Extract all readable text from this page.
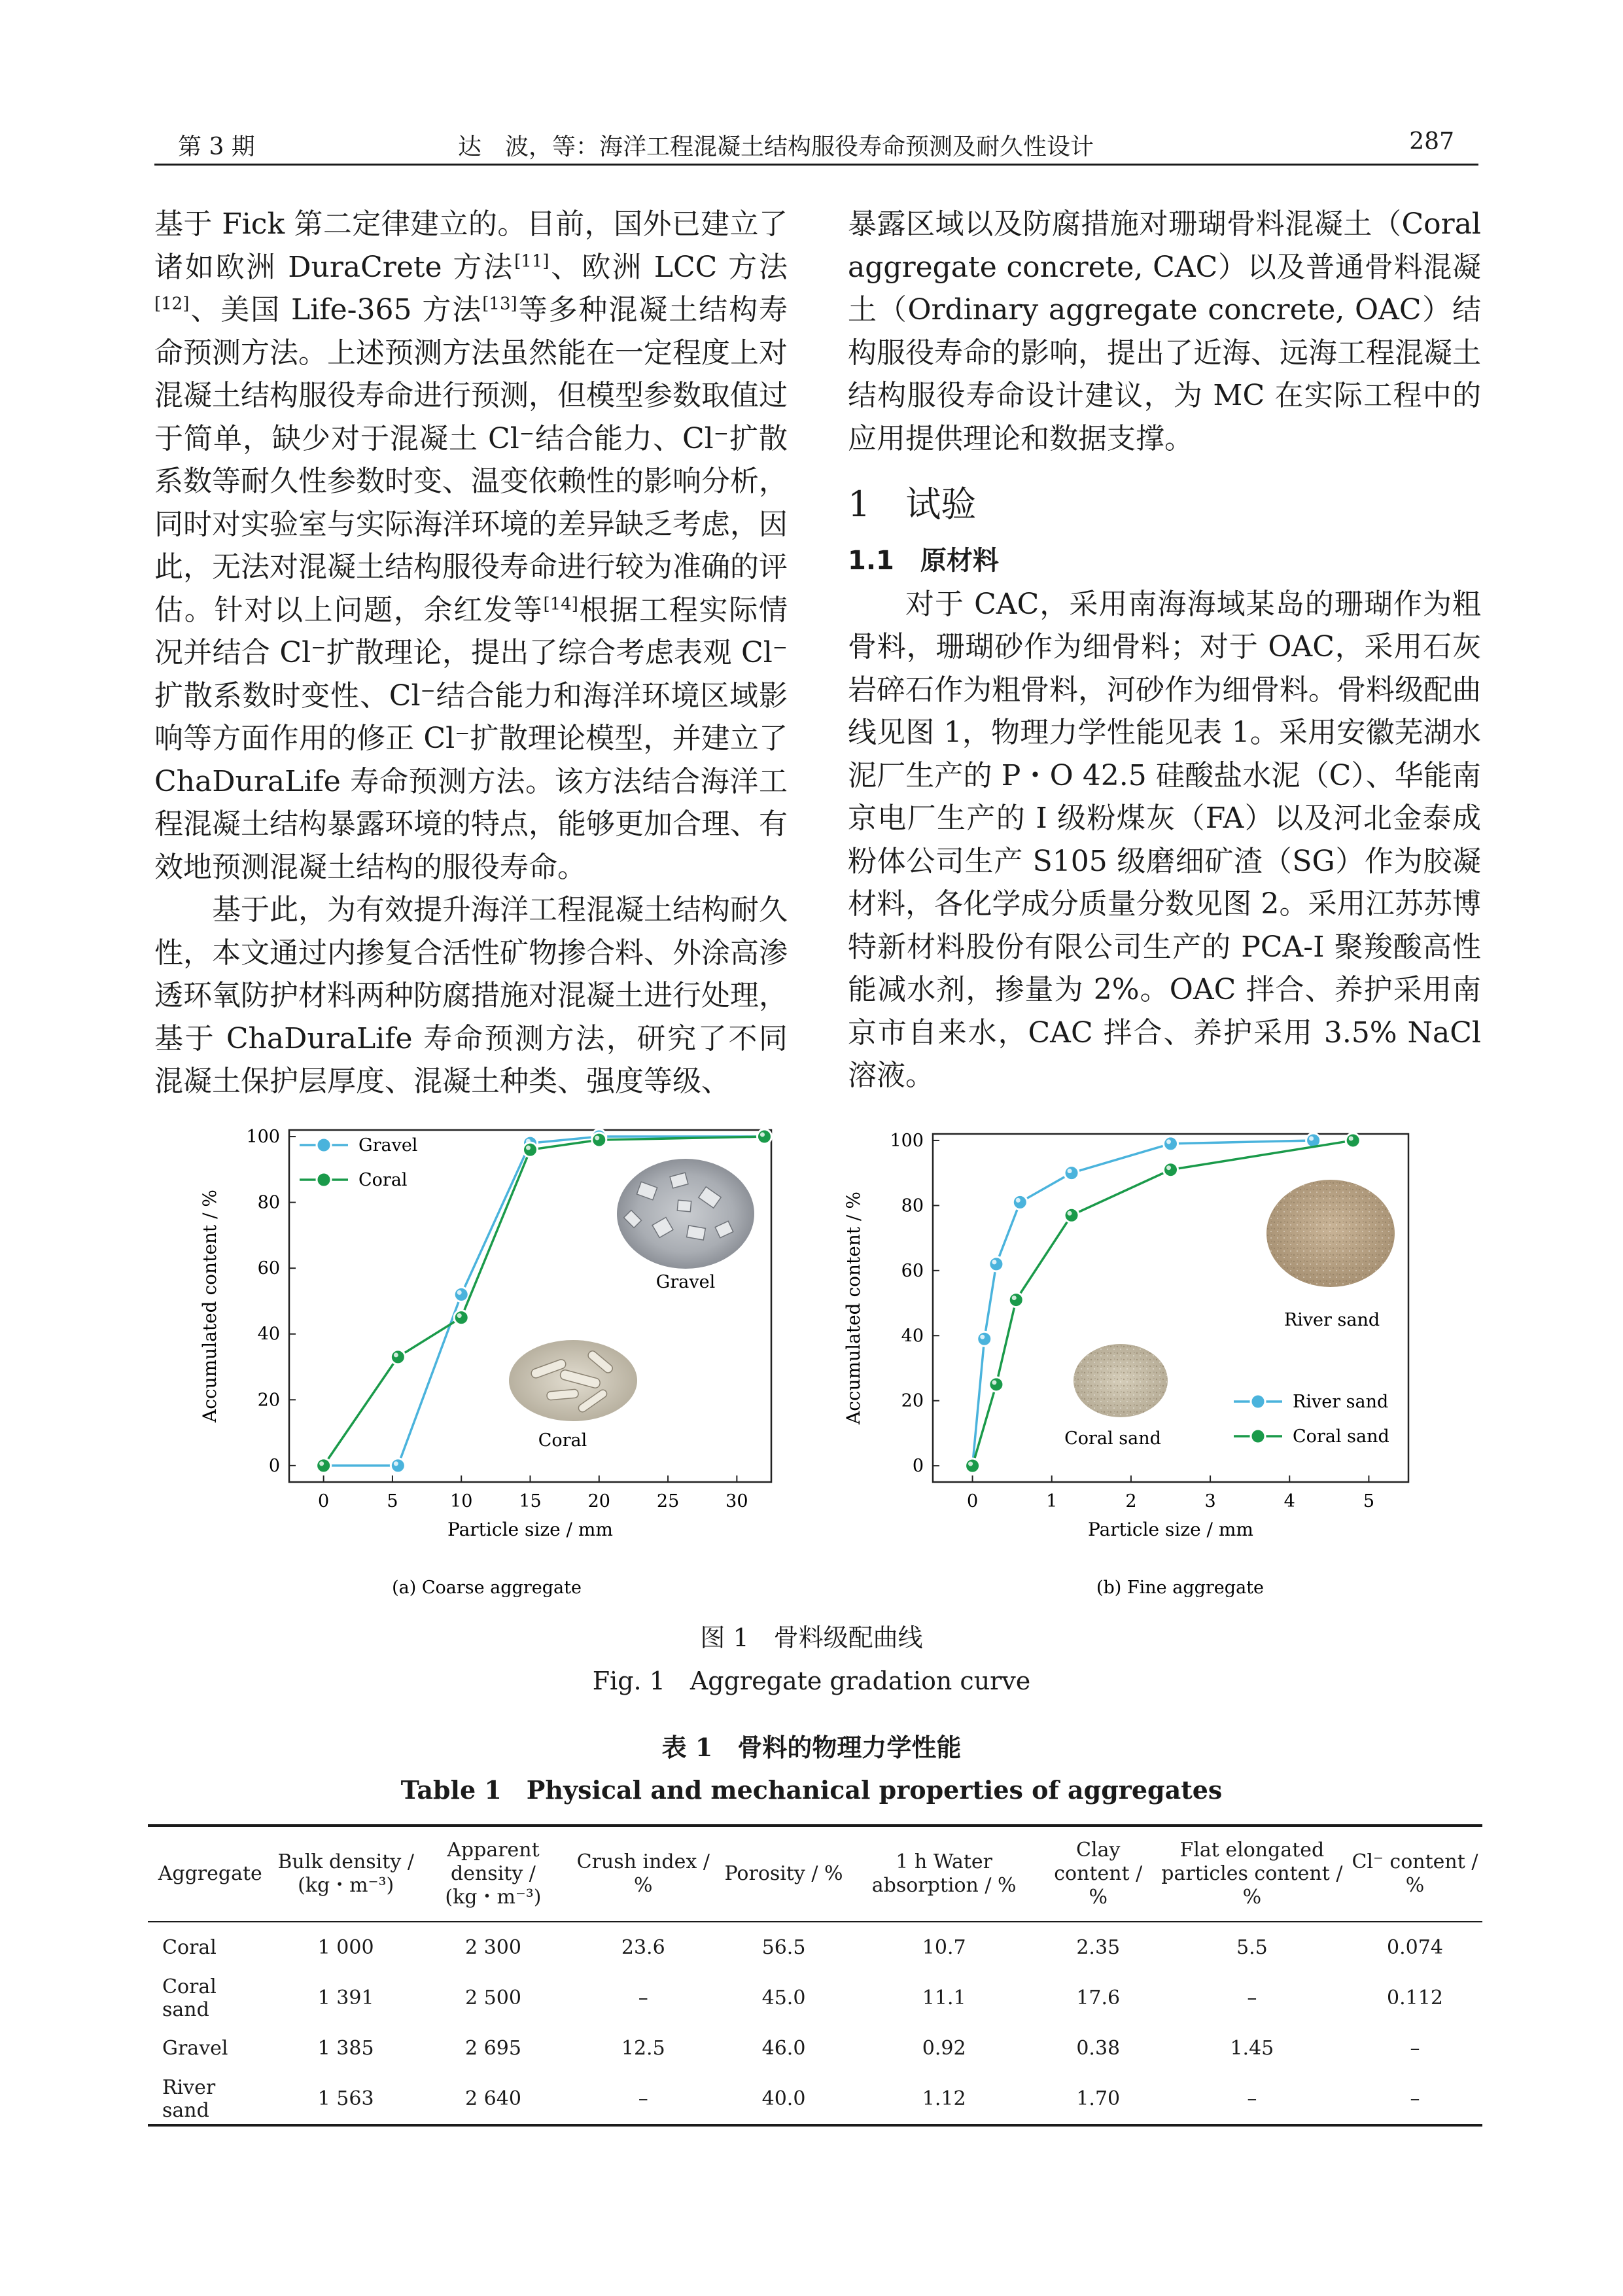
第 3 期	达　波，等：海洋工程混凝土结构服役寿命预测及耐久性设计	287

基于 Fick 第二定律建立的。目前，国外已建立了诸如欧洲 DuraCrete 方法[11]、欧洲 LCC 方法[12]、美国 Life-365 方法[13]等多种混凝土结构寿命预测方法。上述预测方法虽然能在一定程度上对混凝土结构服役寿命进行预测，但模型参数取值过于简单，缺少对于混凝土 Cl⁻结合能力、Cl⁻扩散系数等耐久性参数时变、温变依赖性的影响分析，同时对实验室与实际海洋环境的差异缺乏考虑，因此，无法对混凝土结构服役寿命进行较为准确的评估。针对以上问题，余红发等[14]根据工程实际情况并结合 Cl⁻扩散理论，提出了综合考虑表观 Cl⁻扩散系数时变性、Cl⁻结合能力和海洋环境区域影响等方面作用的修正 Cl⁻扩散理论模型，并建立了 ChaDuraLife 寿命预测方法。该方法结合海洋工程混凝土结构暴露环境的特点，能够更加合理、有效地预测混凝土结构的服役寿命。

基于此，为有效提升海洋工程混凝土结构耐久性，本文通过内掺复合活性矿物掺合料、外涂高渗透环氧防护材料两种防腐措施对混凝土进行处理，基于 ChaDuraLife 寿命预测方法，研究了不同混凝土保护层厚度、混凝土种类、强度等级、

暴露区域以及防腐措施对珊瑚骨料混凝土（Coral aggregate concrete, CAC）以及普通骨料混凝土（Ordinary aggregate concrete, OAC）结构服役寿命的影响，提出了近海、远海工程混凝土结构服役寿命设计建议，为 MC 在实际工程中的应用提供理论和数据支撑。

1　试验

1.1　原材料

对于 CAC，采用南海海域某岛的珊瑚作为粗骨料，珊瑚砂作为细骨料；对于 OAC，采用石灰岩碎石作为粗骨料，河砂作为细骨料。骨料级配曲线见图 1，物理力学性能见表 1。采用安徽芜湖水泥厂生产的 P・O 42.5 硅酸盐水泥（C）、华能南京电厂生产的 I 级粉煤灰（FA）以及河北金泰成粉体公司生产 S105 级磨细矿渣（SG）作为胶凝材料，各化学成分质量分数见图 2。采用江苏苏博特新材料股份有限公司生产的 PCA-I 聚羧酸高性能减水剂，掺量为 2%。OAC 拌合、养护采用南京市自来水，CAC 拌合、养护采用 3.5% NaCl 溶液。

0	5	10	15	20	25	30
0
20
40
60
80
100
Particle size / mm
Accumulated content / %
Gravel
Coral
Gravel
Coral
0	1	2	3	4	5
0
20
40
60
80
100
Particle size / mm
Accumulated content / %	River sand
Coral sand
River sand
Coral sand
(a) Coarse aggregate	(b) Fine aggregate
图 1　骨料级配曲线
Fig. 1　Aggregate gradation curve
表 1　骨料的物理力学性能
Table 1　Physical and mechanical properties of aggregates
Aggregate	Bulk density / (kg・m⁻³)	Apparent density / (kg・m⁻³)	Crush index / %	Porosity / %	1 h Water absorption / %	Clay content / %	Flat elongated particles content / %	Cl⁻ content / %
Coral	1 000	2 300	23.6	56.5	10.7	2.35	5.5	0.074
Coral sand	1 391	2 500	–	45.0	11.1	17.6	–	0.112
Gravel	1 385	2 695	12.5	46.0	0.92	0.38	1.45	–
River sand	1 563	2 640	–	40.0	1.12	1.70	–	–
